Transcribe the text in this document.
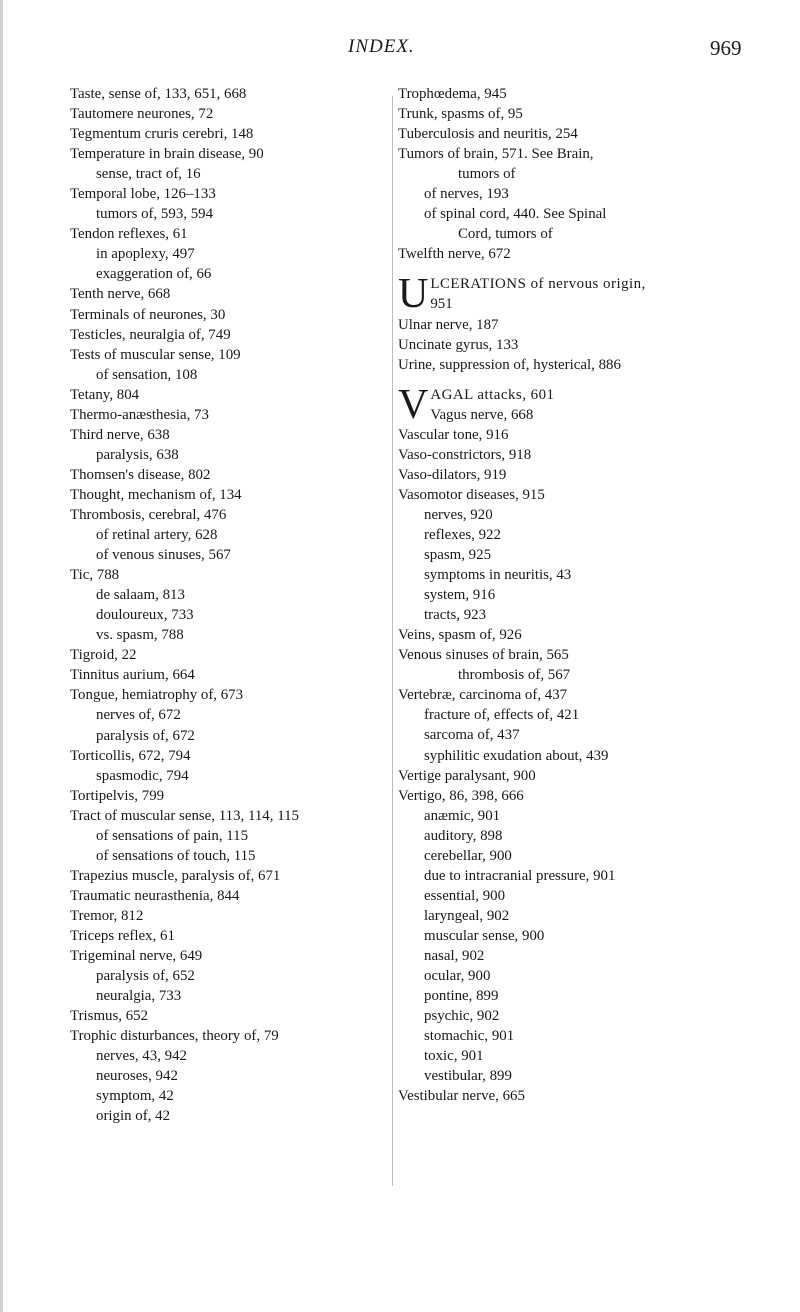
INDEX.	969
Taste, sense of, 133, 651, 668
Tautomere neurones, 72
Tegmentum cruris cerebri, 148
Temperature in brain disease, 90
sense, tract of, 16
Temporal lobe, 126–133
tumors of, 593, 594
Tendon reflexes, 61
in apoplexy, 497
exaggeration of, 66
Tenth nerve, 668
Terminals of neurones, 30
Testicles, neuralgia of, 749
Tests of muscular sense, 109
of sensation, 108
Tetany, 804
Thermo-anæsthesia, 73
Third nerve, 638
paralysis, 638
Thomsen's disease, 802
Thought, mechanism of, 134
Thrombosis, cerebral, 476
of retinal artery, 628
of venous sinuses, 567
Tic, 788
de salaam, 813
douloureux, 733
vs. spasm, 788
Tigroid, 22
Tinnitus aurium, 664
Tongue, hemiatrophy of, 673
nerves of, 672
paralysis of, 672
Torticollis, 672, 794
spasmodic, 794
Tortipelvis, 799
Tract of muscular sense, 113, 114, 115
of sensations of pain, 115
of sensations of touch, 115
Trapezius muscle, paralysis of, 671
Traumatic neurasthenia, 844
Tremor, 812
Triceps reflex, 61
Trigeminal nerve, 649
paralysis of, 652
neuralgia, 733
Trismus, 652
Trophic disturbances, theory of, 79
nerves, 43, 942
neuroses, 942
symptom, 42
origin of, 42
Trophœdema, 945
Trunk, spasms of, 95
Tuberculosis and neuritis, 254
Tumors of brain, 571. See Brain,
tumors of
of nerves, 193
of spinal cord, 440. See Spinal
Cord, tumors of
Twelfth nerve, 672
U LCERATIONS of nervous origin,
951
Ulnar nerve, 187
Uncinate gyrus, 133
Urine, suppression of, hysterical, 886
V AGAL attacks, 601
Vagus nerve, 668
Vascular tone, 916
Vaso-constrictors, 918
Vaso-dilators, 919
Vasomotor diseases, 915
nerves, 920
reflexes, 922
spasm, 925
symptoms in neuritis, 43
system, 916
tracts, 923
Veins, spasm of, 926
Venous sinuses of brain, 565
thrombosis of, 567
Vertebræ, carcinoma of, 437
fracture of, effects of, 421
sarcoma of, 437
syphilitic exudation about, 439
Vertige paralysant, 900
Vertigo, 86, 398, 666
anæmic, 901
auditory, 898
cerebellar, 900
due to intracranial pressure, 901
essential, 900
laryngeal, 902
muscular sense, 900
nasal, 902
ocular, 900
pontine, 899
psychic, 902
stomachic, 901
toxic, 901
vestibular, 899
Vestibular nerve, 665
